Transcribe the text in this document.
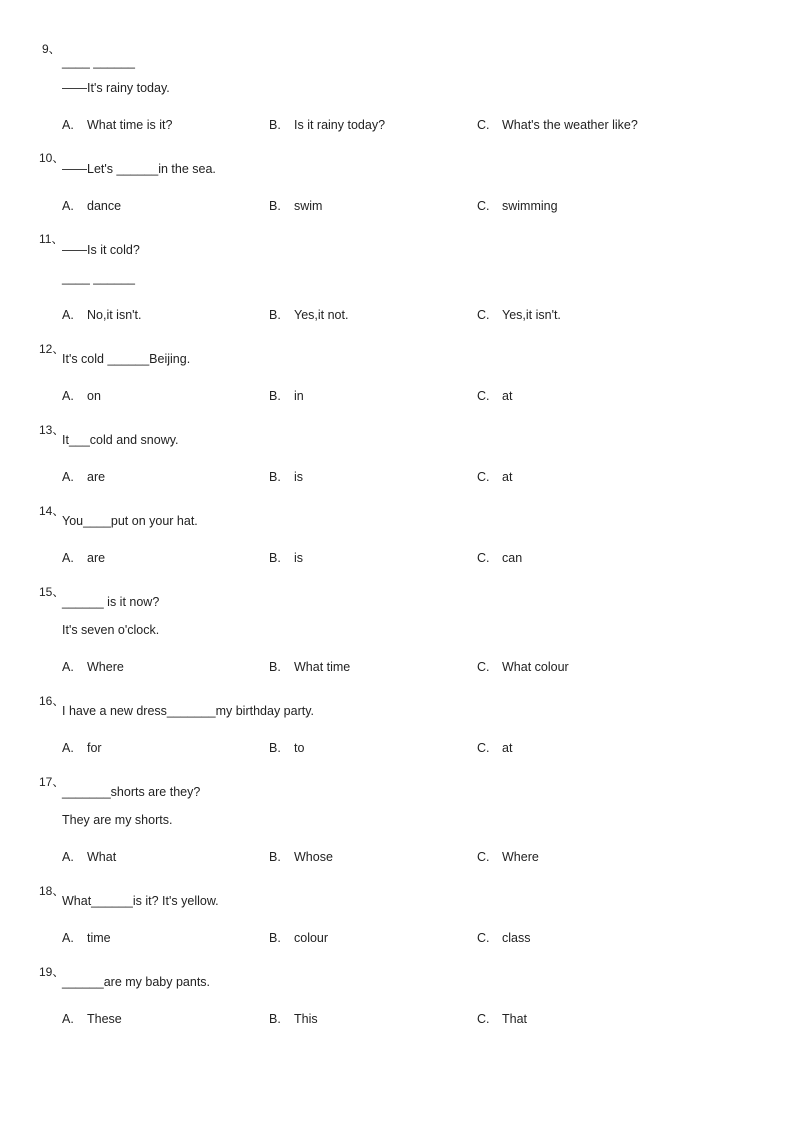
9、
____ ______
——It's rainy today.
A. What time is it?	B. Is it rainy today?	C. What's the weather like?
10、
——Let's ______in the sea.
A. dance	B. swim	C. swimming
11、
——Is it cold?
____ ______
A. No,it isn't.	B. Yes,it not.	C. Yes,it isn't.
12、
It's cold ______Beijing.
A. on	B. in	C. at
13、
It___cold and snowy.
A. are	B. is	C. at
14、
You____put on your hat.
A. are	B. is	C. can
15、
______ is it now?
It's seven o'clock.
A. Where	B. What time	C. What colour
16、
I have a new dress_______my birthday party.
A. for	B. to	C. at
17、
_______shorts are they?
They are my shorts.
A. What	B. Whose	C. Where
18、
What______is it? It's yellow.
A. time	B. colour	C. class
19、
______are my baby pants.
A. These	B. This	C. That
